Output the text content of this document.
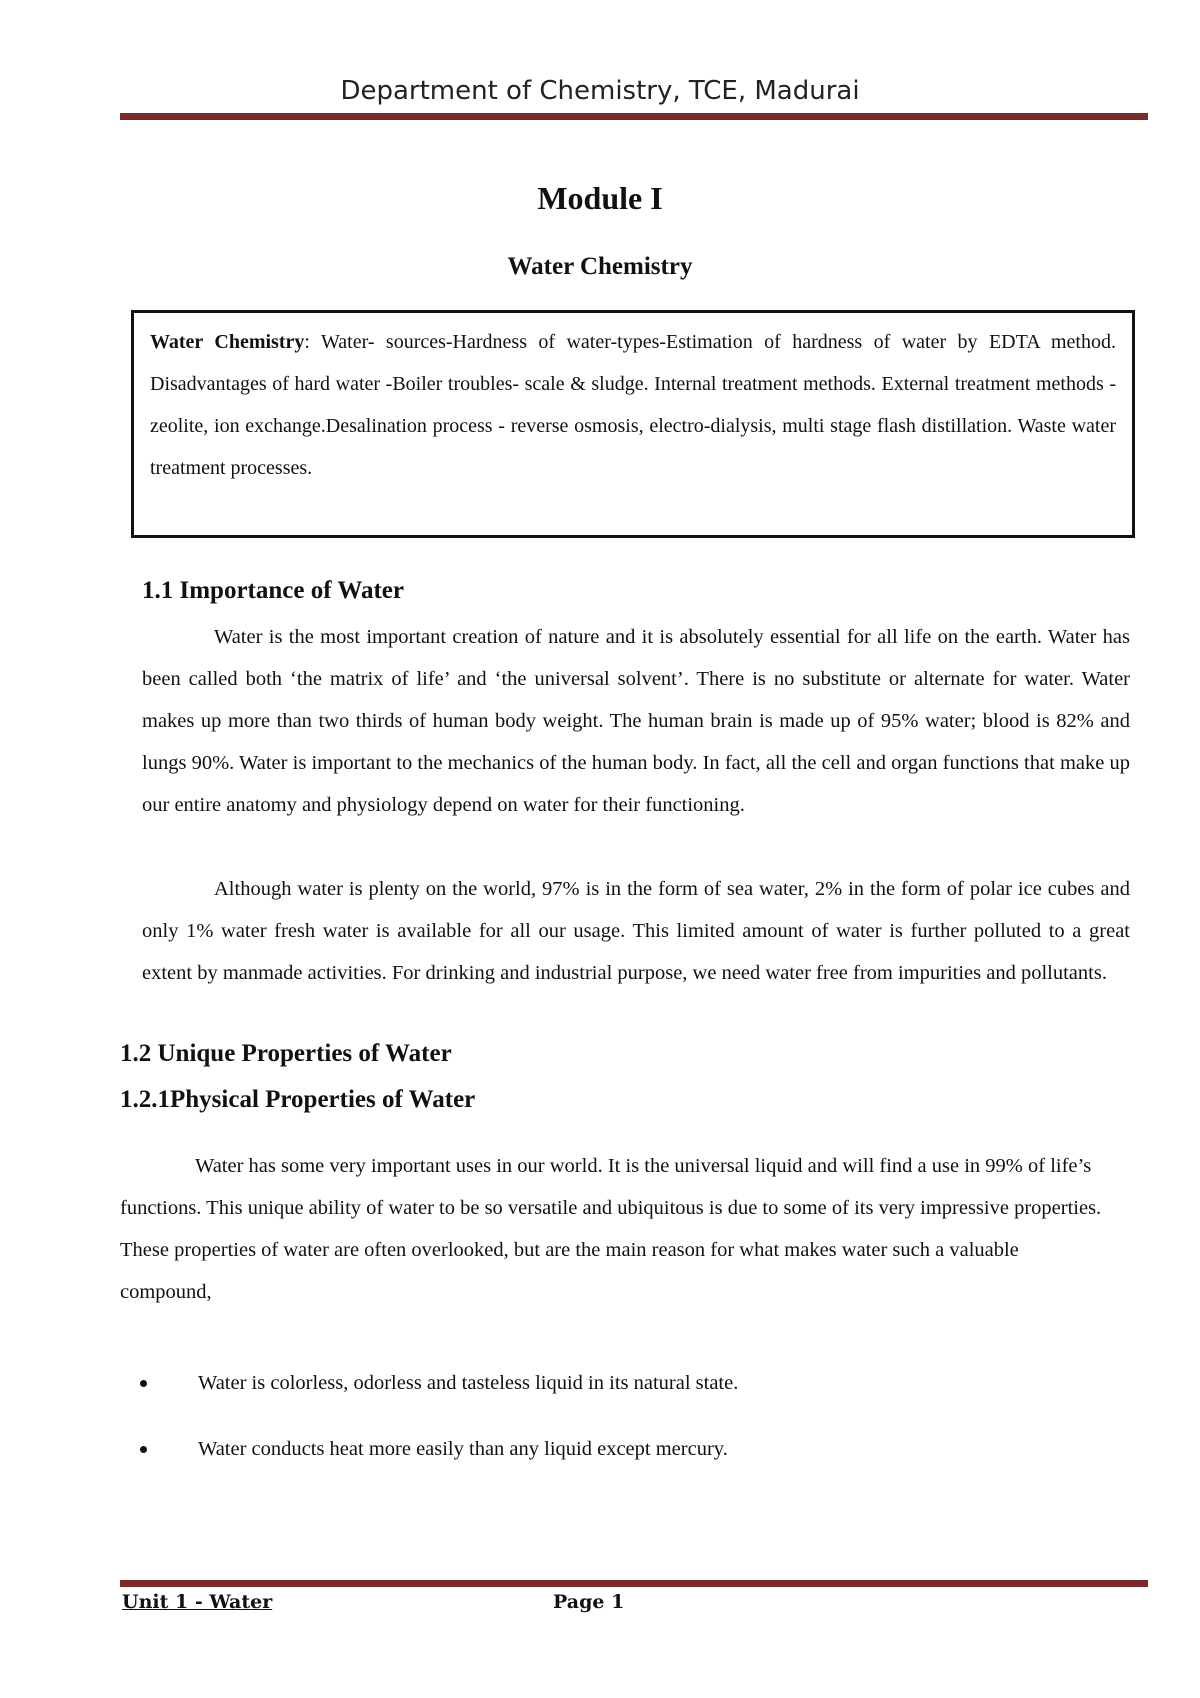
Department of Chemistry, TCE, Madurai
Module I
Water Chemistry

Water Chemistry: Water- sources-Hardness of water-types-Estimation of hardness of water by EDTA method. Disadvantages of hard water -Boiler troubles- scale & sludge. Internal treatment methods. External treatment methods - zeolite, ion exchange.Desalination process - reverse osmosis, electro-dialysis, multi stage flash distillation. Waste water treatment processes.

1.1 Importance of Water

Water is the most important creation of nature and it is absolutely essential for all life on the earth. Water has been called both ‘the matrix of life’ and ‘the universal solvent’. There is no substitute or alternate for water. Water makes up more than two thirds of human body weight. The human brain is made up of 95% water; blood is 82% and lungs 90%. Water is important to the mechanics of the human body. In fact, all the cell and organ functions that make up our entire anatomy and physiology depend on water for their functioning.

Although water is plenty on the world, 97% is in the form of sea water, 2% in the form of polar ice cubes and only 1% water fresh water is available for all our usage. This limited amount of water is further polluted to a great extent by manmade activities. For drinking and industrial purpose, we need water free from impurities and pollutants.

1.2 Unique Properties of Water
1.2.1Physical Properties of Water

Water has some very important uses in our world. It is the universal liquid and will find a use in 99% of life’s functions. This unique ability of water to be so versatile and ubiquitous is due to some of its very impressive properties. These properties of water are often overlooked, but are the main reason for what makes water such a valuable compound,

Water is colorless, odorless and tasteless liquid in its natural state.
Water conducts heat more easily than any liquid except mercury.
Unit 1 - Water	Page 1
